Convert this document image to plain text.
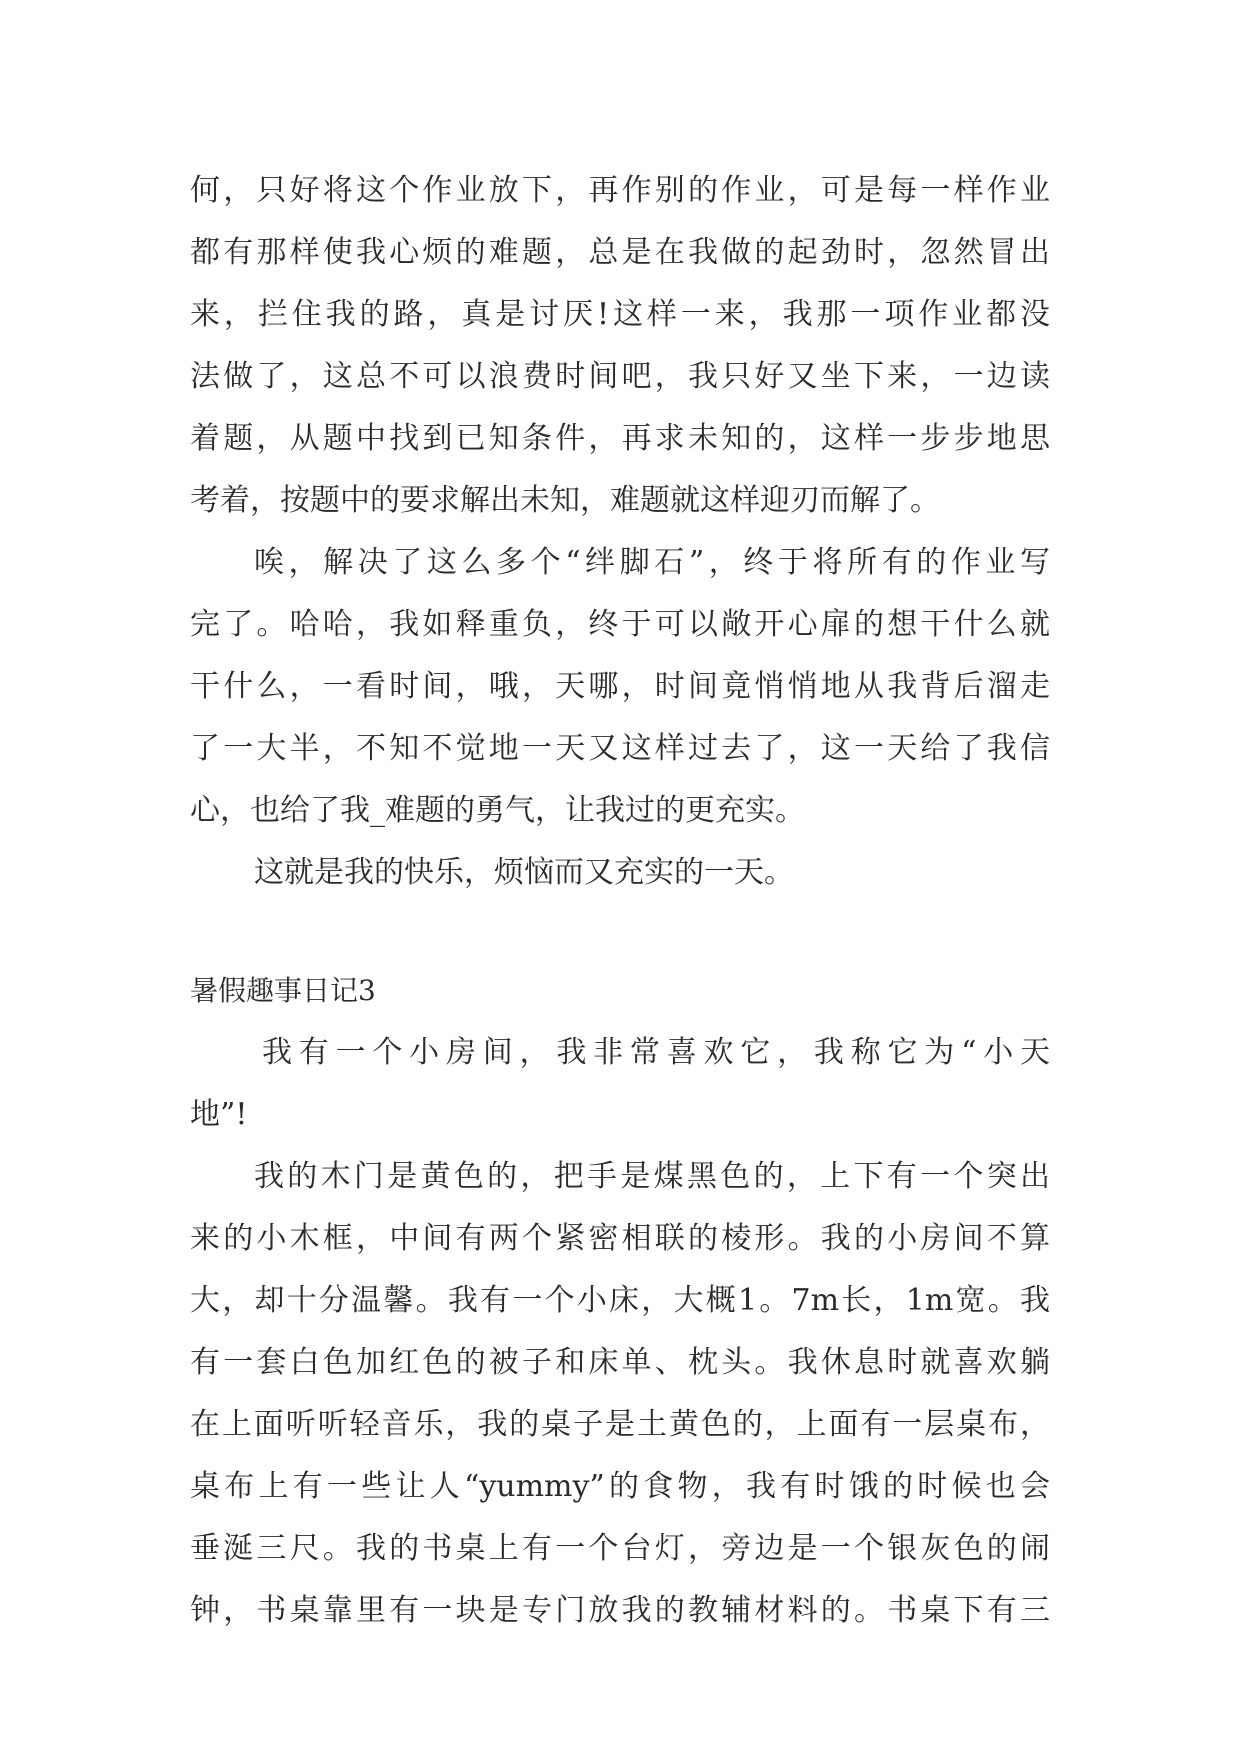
何，只好将这个作业放下，再作别的作业，可是每一样作业
都有那样使我心烦的难题，总是在我做的起劲时，忽然冒出
来，拦住我的路，真是讨厌!这样一来，我那一项作业都没
法做了，这总不可以浪费时间吧，我只好又坐下来，一边读
着题，从题中找到已知条件，再求未知的，这样一步步地思
考着，按题中的要求解出未知，难题就这样迎刃而解了。
唉，解决了这么多个“绊脚石”，终于将所有的作业写
完了。哈哈，我如释重负，终于可以敞开心扉的想干什么就
干什么，一看时间，哦，天哪，时间竟悄悄地从我背后溜走
了一大半，不知不觉地一天又这样过去了，这一天给了我信
心，也给了我_难题的勇气，让我过的更充实。
这就是我的快乐，烦恼而又充实的一天。
暑假趣事日记3
我有一个小房间，我非常喜欢它，我称它为“小天
地”!
我的木门是黄色的，把手是煤黑色的，上下有一个突出
来的小木框，中间有两个紧密相联的棱形。我的小房间不算
大，却十分温馨。我有一个小床，大概1。7m长，1m宽。我
有一套白色加红色的被子和床单、枕头。我休息时就喜欢躺
在上面听听轻音乐，我的桌子是土黄色的，上面有一层桌布，
桌布上有一些让人“yummy”的食物，我有时饿的时候也会
垂涎三尺。我的书桌上有一个台灯，旁边是一个银灰色的闹
钟，书桌靠里有一块是专门放我的教辅材料的。书桌下有三
